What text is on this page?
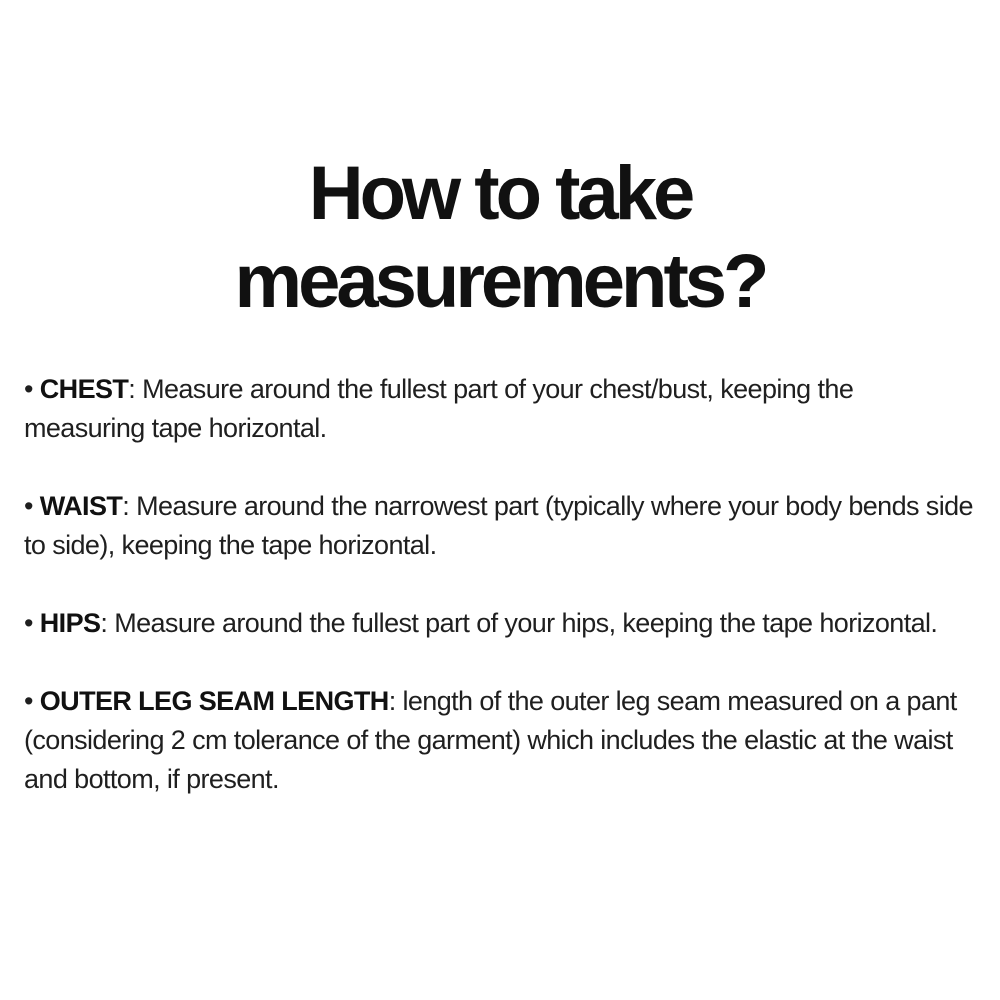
How to take
measurements?

• CHEST: Measure around the fullest part of your chest/bust, keeping the measuring tape horizontal.

• WAIST: Measure around the narrowest part (typically where your body bends side to side), keeping the tape horizontal.

• HIPS: Measure around the fullest part of your hips, keeping the tape horizontal.

• OUTER LEG SEAM LENGTH: length of the outer leg seam measured on a pant (considering 2 cm tolerance of the garment) which includes the elastic at the waist and bottom, if present.
